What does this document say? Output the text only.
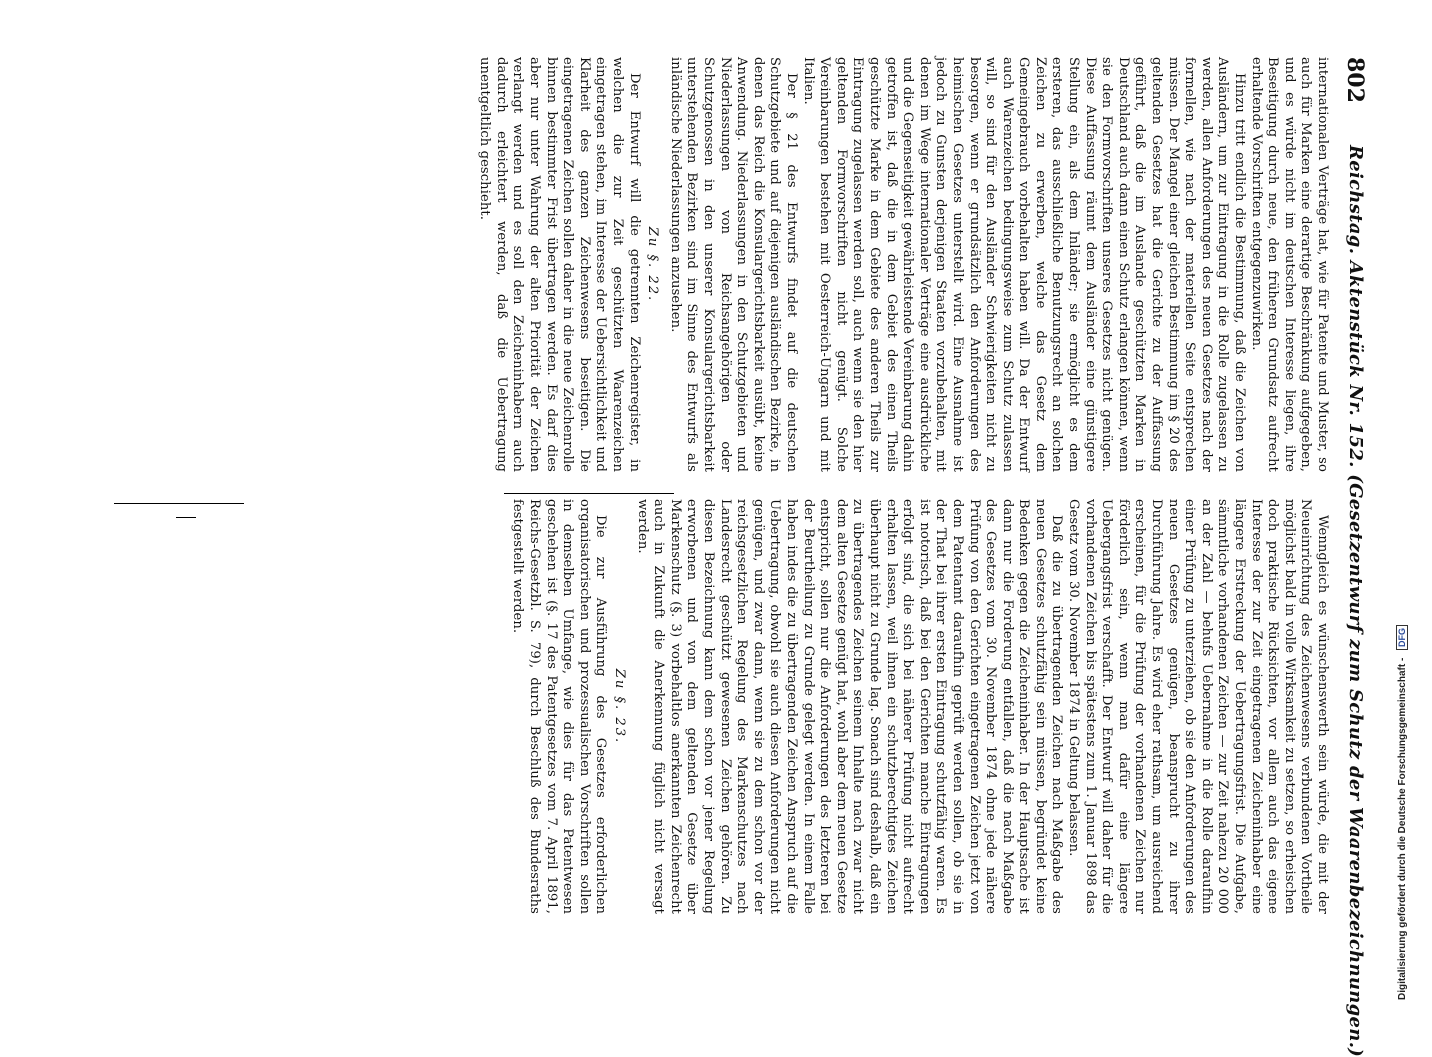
802
Reichstag. Aktenstück Nr. 152. (Gesetzentwurf zum Schutz der Waarenbezeichnungen.)

internationalen Verträge hat, wie für Patente und Muster, so auch für Marken eine derartige Beschränkung aufgegeben, und es würde nicht im deutschen Interesse liegen, ihre Beseitigung durch neue, den früheren Grundsatz aufrecht erhaltende Vorschriften entgegenzuwirken.

Hinzu tritt endlich die Bestimmung, daß die Zeichen von Ausländern, um zur Eintragung in die Rolle zugelassen zu werden, allen Anforderungen des neuen Gesetzes nach der formellen, wie nach der materiellen Seite entsprechen müssen. Der Mangel einer gleichen Bestimmung im § 20 des geltenden Gesetzes hat die Gerichte zu der Auffassung geführt, daß die im Auslande geschützten Marken in Deutschland auch dann einen Schutz erlangen können, wenn sie den Formvorschriften unseres Gesetzes nicht genügen. Diese Auffassung räumt dem Ausländer eine günstigere Stellung ein, als dem Inländer; sie ermöglicht es dem ersteren, das ausschließliche Benutzungsrecht an solchen Zeichen zu erwerben, welche das Gesetz dem Gemeingebrauch vorbehalten haben will. Da der Entwurf auch Warenzeichen bedingungsweise zum Schutz zulassen will, so sind für den Ausländer Schwierigkeiten nicht zu besorgen, wenn er grundsätzlich den Anforderungen des heimischen Gesetzes unterstellt wird. Eine Ausnahme ist jedoch zu Gunsten derjenigen Staaten vorzubehalten, mit denen im Wege internationaler Verträge eine ausdrückliche und die Gegenseitigkeit gewährleistende Vereinbarung dahin getroffen ist, daß die in dem Gebiet des einen Theils geschützte Marke in dem Gebiete des anderen Theils zur Eintragung zugelassen werden soll, auch wenn sie den hier geltenden Formvorschriften nicht genügt. Solche Vereinbarungen bestehen mit Oesterreich-Ungarn und mit Italien.

Der § 21 des Entwurfs findet auf die deutschen Schutzgebiete und auf diejenigen ausländischen Bezirke, in denen das Reich die Konsulargerichtsbarkeit ausübt, keine Anwendung. Niederlassungen in den Schutzgebieten und Niederlassungen von Reichsangehörigen oder Schutzgenossen in den unserer Konsulargerichtsbarkeit unterstehenden Bezirken sind im Sinne des Entwurfs als inländische Niederlassungen anzusehen.

Zu §. 22.

Der Entwurf will die getrennten Zeichenregister, in welchen die zur Zeit geschützten Waarenzeichen eingetragen stehen, im Interesse der Uebersichtlichkeit und Klarheit des ganzen Zeichenwesens beseitigen. Die eingetragenen Zeichen sollen daher in die neue Zeichenrolle binnen bestimmter Frist übertragen werden. Es darf dies aber nur unter Wahrung der alten Priorität der Zeichen verlangt werden und es soll den Zeicheninhabern auch dadurch erleichtert werden, daß die Uebertragung unentgeltlich geschieht.

Wenngleich es wünschenswerth sein würde, die mit der Neueinrichtung des Zeichenwesens verbundenen Vortheile möglichst bald in volle Wirksamkeit zu setzen, so erheischen doch praktische Rücksichten, vor allem auch das eigene Interesse der zur Zeit eingetragenen Zeicheninhaber eine längere Erstreckung der Uebertragungsfrist. Die Aufgabe, sämmtliche vorhandenen Zeichen — zur Zeit nahezu 20 000 an der Zahl — behufs Uebernahme in die Rolle daraufhin einer Prüfung zu unterziehen, ob sie den Anforderungen des neuen Gesetzes genügen, beansprucht zu ihrer Durchführung Jahre. Es wird eher rathsam, um ausreichend erscheinen, für die Prüfung der vorhandenen Zeichen nur förderlich sein, wenn man dafür eine längere Uebergangsfrist verschafft. Der Entwurf will daher für die vorhandenen Zeichen bis spätestens zum 1. Januar 1898 das Gesetz vom 30. November 1874 in Geltung belassen.

Daß die zu übertragenden Zeichen nach Maßgabe des neuen Gesetzes schutzfähig sein müssen, begründet keine Bedenken gegen die Zeicheninhaber. In der Hauptsache ist dann nur die Forderung entfallen, daß die nach Maßgabe des Gesetzes vom 30. November 1874 ohne jede nähere Prüfung von den Gerichten eingetragenen Zeichen jetzt von dem Patentamt daraufhin geprüft werden sollen, ob sie in der That bei ihrer ersten Eintragung schutzfähig waren. Es ist notorisch, daß bei den Gerichten manche Eintragungen erfolgt sind, die sich bei näherer Prüfung nicht aufrecht erhalten lassen, weil ihnen ein schutzberechtigtes Zeichen überhaupt nicht zu Grunde lag. Sonach sind deshalb, daß ein zu übertragendes Zeichen seinem Inhalte nach zwar nicht dem alten Gesetze genügt hat, wohl aber dem neuen Gesetze entspricht, sollen nur die Anforderungen des letzteren bei der Beurtheilung zu Grunde gelegt werden. In einem Falle haben indes die zu übertragenden Zeichen Anspruch auf die Uebertragung, obwohl sie auch diesen Anforderungen nicht genügen, und zwar dann, wenn sie zu dem schon vor der reichsgesetzlichen Regelung des Markenschutzes nach Landesrecht geschützt gewesenen Zeichen gehören. Zu diesen Bezeichnung kann dem schon vor jener Regelung erworbenen und von dem geltenden Gesetze über Markenschutz (§. 3) vorbehaltlos anerkannten Zeichenrecht auch in Zukunft die Anerkennung füglich nicht versagt werden.

Zu §. 23.

Die zur Ausführung des Gesetzes erforderlichen organisatorischen und prozessualischen Vorschriften sollen in demselben Umfange, wie dies für das Patentwesen geschehen ist (§. 17 des Patentgesetzes vom 7. April 1891, Reichs-Gesetzbl. S. 79), durch Beschluß des Bundesraths festgestellt werden.

Digitalisierung gefördert durch die Deutsche Forschungsgemeinschaft - DFG
